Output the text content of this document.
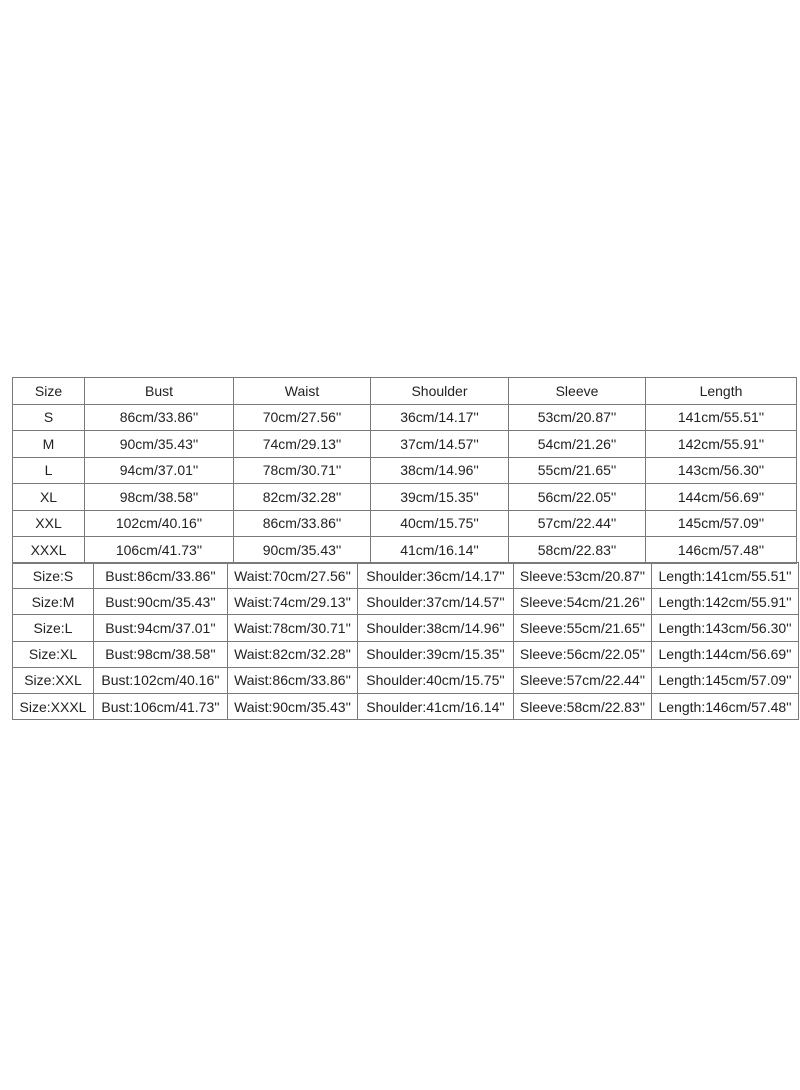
Size	Bust	Waist	Shoulder	Sleeve	Length
S	86cm/33.86''	70cm/27.56''	36cm/14.17''	53cm/20.87''	141cm/55.51''
M	90cm/35.43''	74cm/29.13''	37cm/14.57''	54cm/21.26''	142cm/55.91''
L	94cm/37.01''	78cm/30.71''	38cm/14.96''	55cm/21.65''	143cm/56.30''
XL	98cm/38.58''	82cm/32.28''	39cm/15.35''	56cm/22.05''	144cm/56.69''
XXL	102cm/40.16''	86cm/33.86''	40cm/15.75''	57cm/22.44''	145cm/57.09''
XXXL	106cm/41.73''	90cm/35.43''	41cm/16.14''	58cm/22.83''	146cm/57.48''
Size:S	Bust:86cm/33.86''	Waist:70cm/27.56''	Shoulder:36cm/14.17''	Sleeve:53cm/20.87''	Length:141cm/55.51''
Size:M	Bust:90cm/35.43''	Waist:74cm/29.13''	Shoulder:37cm/14.57''	Sleeve:54cm/21.26''	Length:142cm/55.91''
Size:L	Bust:94cm/37.01''	Waist:78cm/30.71''	Shoulder:38cm/14.96''	Sleeve:55cm/21.65''	Length:143cm/56.30''
Size:XL	Bust:98cm/38.58''	Waist:82cm/32.28''	Shoulder:39cm/15.35''	Sleeve:56cm/22.05''	Length:144cm/56.69''
Size:XXL	Bust:102cm/40.16''	Waist:86cm/33.86''	Shoulder:40cm/15.75''	Sleeve:57cm/22.44''	Length:145cm/57.09''
Size:XXXL	Bust:106cm/41.73''	Waist:90cm/35.43''	Shoulder:41cm/16.14''	Sleeve:58cm/22.83''	Length:146cm/57.48''
